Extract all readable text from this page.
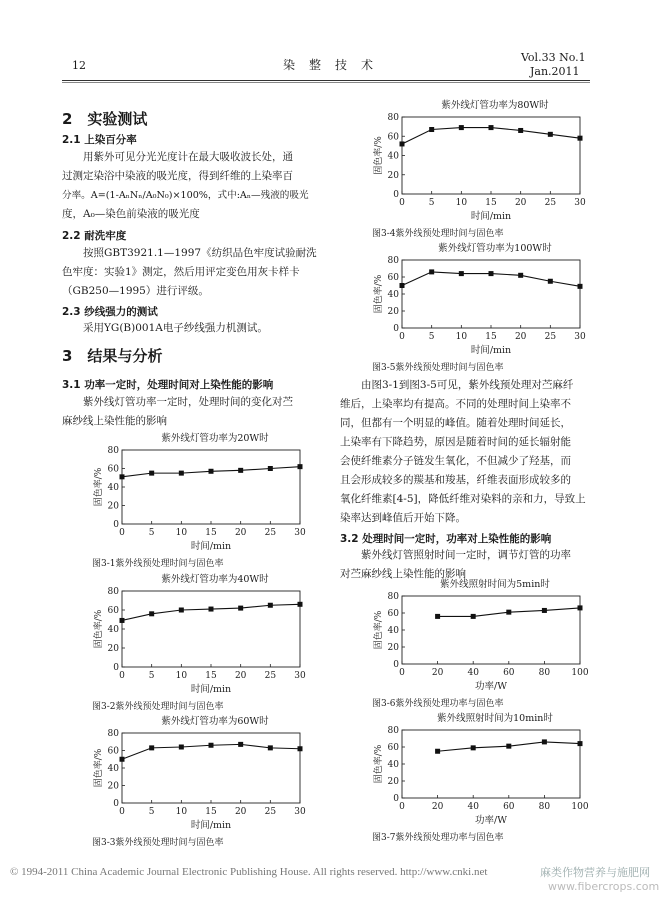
12	染　整　技　术
Vol.33 No.1
Jan.2011
2　实验测试
2.1 上染百分率
用紫外可见分光光度计在最大吸收波长处，通
过测定染浴中染液的吸光度，得到纤维的上染率百
分率。A=(1-AₙNₙ/A₀N₀)×100%，式中:Aₙ—残液的吸光
度，A₀—染色前染液的吸光度
2.2 耐洗牢度
按照GBT3921.1—1997《纺织品色牢度试验耐洗
色牢度：实验1》测定，然后用评定变色用灰卡样卡
（GB250—1995）进行评级。
2.3 纱线强力的测试
采用YG(B)001A电子纱线强力机测试。
3　结果与分析
3.1 功率一定时，处理时间对上染性能的影响
紫外线灯管功率一定时，处理时间的变化对苎
麻纱线上染性能的影响
由图3-1到图3-5可见，紫外线预处理对苎麻纤
维后，上染率均有提高。不同的处理时间上染率不
同，但都有一个明显的峰值。随着处理时间延长，
上染率有下降趋势，原因是随着时间的延长辐射能
会使纤维素分子链发生氧化，不但减少了羟基，而
且会形成较多的羰基和羧基，纤维表面形成较多的
氧化纤维素[4-5]，降低纤维对染料的亲和力，导致上
染率达到峰值后开始下降。
3.2 处理时间一定时，功率对上染性能的影响
紫外线灯管照射时间一定时，调节灯管的功率
对苎麻纱线上染性能的影响
紫外线灯管功率为20W时
0
20
40
60
80
0	5 10 15 20 25 30
固色率/%
时间/min
图3-1紫外线预处理时间与固色率
紫外线灯管功率为40W时
0
20
40
60
80
0	5 10 15 20 25 30
固色率/%
时间/min
图3-2紫外线预处理时间与固色率
紫外线灯管功率为60W时
0
20
40
60
80
0	5 10 15 20 25 30
固色率/%
时间/min
图3-3紫外线预处理时间与固色率
紫外线灯管功率为80W时
0
20
40
60
80
0	5 10 15 20 25 30
固色率/%
时间/min
图3-4紫外线预处理时间与固色率
紫外线灯管功率为100W时
0
20
40
60
80
0	5 10 15 20 25 30
固色率/%
时间/min
图3-5紫外线预处理时间与固色率
紫外线照射时间为5min时
0
20
40
60
80
0	20	40	60	80 100
固色率/%
功率/W
图3-6紫外线预处理功率与固色率
紫外线照射时间为10min时
0
20
40
60
80
0	20	40	60	80 100
固色率/%
功率/W
图3-7紫外线预处理功率与固色率
© 1994-2011 China Academic Journal Electronic Publishing House. All rights reserved. http://www.cnki.net	麻类作物营养与施肥网
www.fibercrops.com
